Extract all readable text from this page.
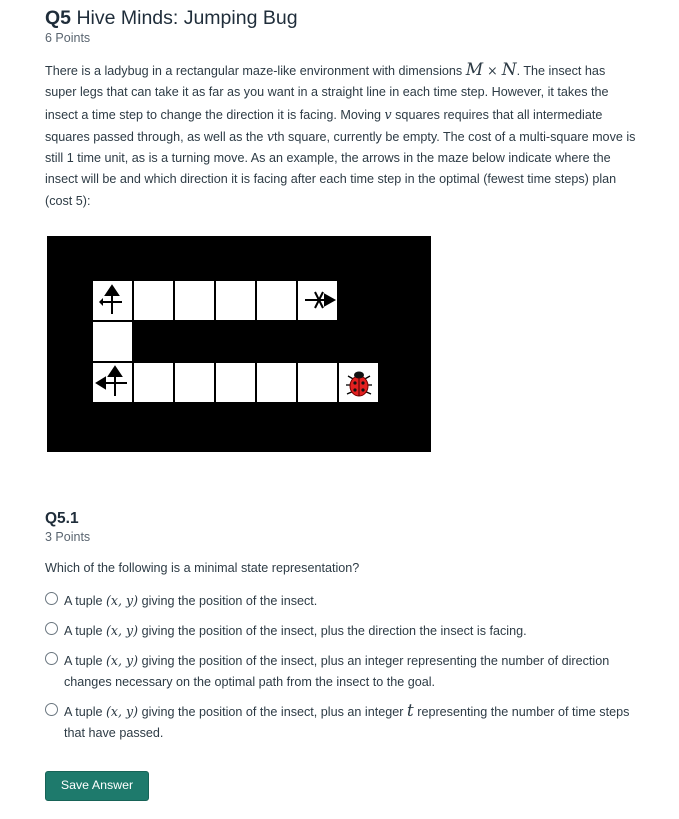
Q5 Hive Minds: Jumping Bug
6 Points
There is a ladybug in a rectangular maze-like environment with dimensions M × N. The insect has super legs that can take it as far as you want in a straight line in each time step. However, it takes the insect a time step to change the direction it is facing. Moving v squares requires that all intermediate squares passed through, as well as the vth square, currently be empty. The cost of a multi-square move is still 1 time unit, as is a turning move. As an example, the arrows in the maze below indicate where the insect will be and which direction it is facing after each time step in the optimal (fewest time steps) plan (cost 5):
Q5.1
3 Points
Which of the following is a minimal state representation?
A tuple (x, y) giving the position of the insect.
A tuple (x, y) giving the position of the insect, plus the direction the insect is facing.
A tuple (x, y) giving the position of the insect, plus an integer representing the number of direction changes necessary on the optimal path from the insect to the goal.
A tuple (x, y) giving the position of the insect, plus an integer t representing the number of time steps that have passed.
Save Answer
